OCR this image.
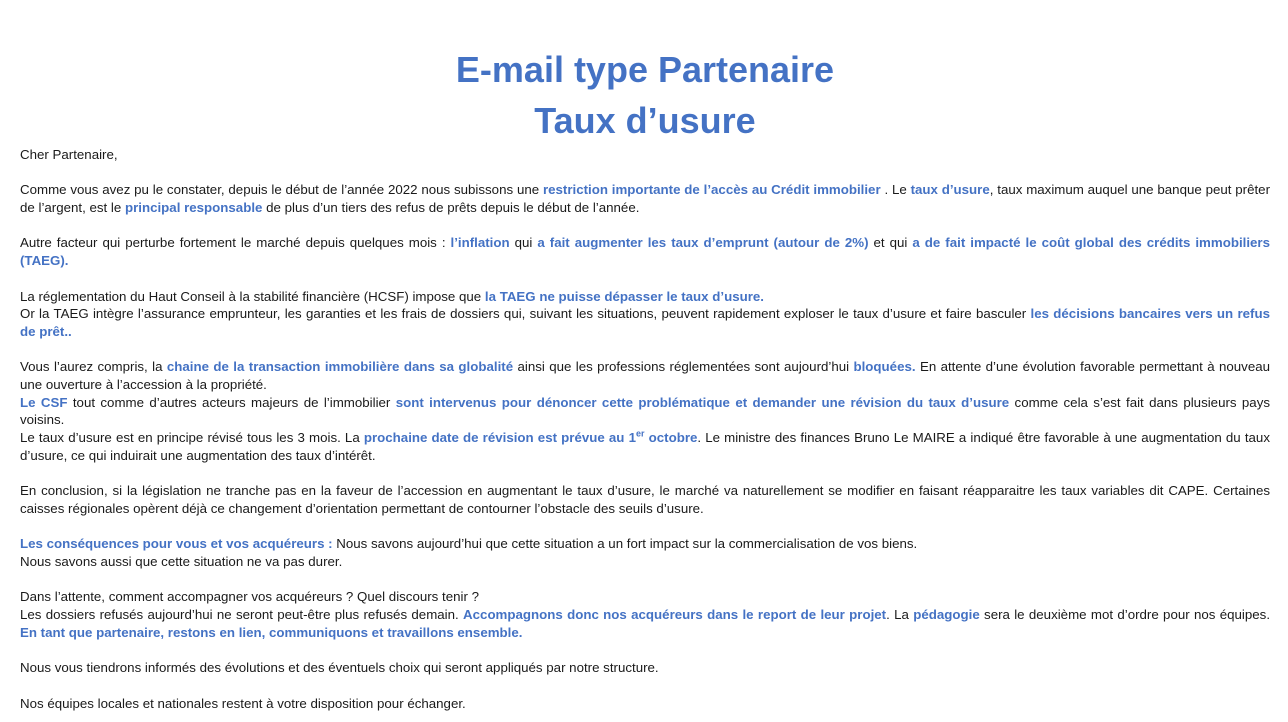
E-mail type Partenaire
Taux d’usure

Cher Partenaire,

Comme vous avez pu le constater, depuis le début de l’année 2022 nous subissons une restriction importante de l’accès au Crédit immobilier . Le taux d’usure, taux maximum auquel une banque peut prêter de l’argent, est le principal responsable de plus d’un tiers des refus de prêts depuis le début de l’année.

Autre facteur qui perturbe fortement le marché depuis quelques mois : l’inflation qui a fait augmenter les taux d’emprunt (autour de 2%) et qui a de fait impacté le coût global des crédits immobiliers (TAEG).

La réglementation du Haut Conseil à la stabilité financière (HCSF) impose que la TAEG ne puisse dépasser le taux d’usure.
Or la TAEG intègre l’assurance emprunteur, les garanties et les frais de dossiers qui, suivant les situations, peuvent rapidement exploser le taux d’usure et faire basculer les décisions bancaires vers un refus de prêt..
Vous l’aurez compris, la chaine de la transaction immobilière dans sa globalité ainsi que les professions réglementées sont aujourd’hui bloquées. En attente d’une évolution favorable permettant à nouveau une ouverture à l’accession à la propriété.
Le CSF tout comme d’autres acteurs majeurs de l’immobilier sont intervenus pour dénoncer cette problématique et demander une révision du taux d’usure comme cela s’est fait dans plusieurs pays voisins.
Le taux d’usure est en principe révisé tous les 3 mois. La prochaine date de révision est prévue au 1er octobre. Le ministre des finances Bruno Le MAIRE a indiqué être favorable à une augmentation du taux d’usure, ce qui induirait une augmentation des taux d’intérêt.

En conclusion, si la législation ne tranche pas en la faveur de l’accession en augmentant le taux d’usure, le marché va naturellement se modifier en faisant réapparaitre les taux variables dit CAPE. Certaines caisses régionales opèrent déjà ce changement d’orientation permettant de contourner l’obstacle des seuils d’usure.

Les conséquences pour vous et vos acquéreurs : Nous savons aujourd’hui que cette situation a un fort impact sur la commercialisation de vos biens.
Nous savons aussi que cette situation ne va pas durer.
Dans l’attente, comment accompagner vos acquéreurs ? Quel discours tenir ?
Les dossiers refusés aujourd’hui ne seront peut-être plus refusés demain. Accompagnons donc nos acquéreurs dans le report de leur projet. La pédagogie sera le deuxième mot d’ordre pour nos équipes. En tant que partenaire, restons en lien, communiquons et travaillons ensemble.

Nous vous tiendrons informés des évolutions et des éventuels choix qui seront appliqués par notre structure.

Nos équipes locales et nationales restent à votre disposition pour échanger.
